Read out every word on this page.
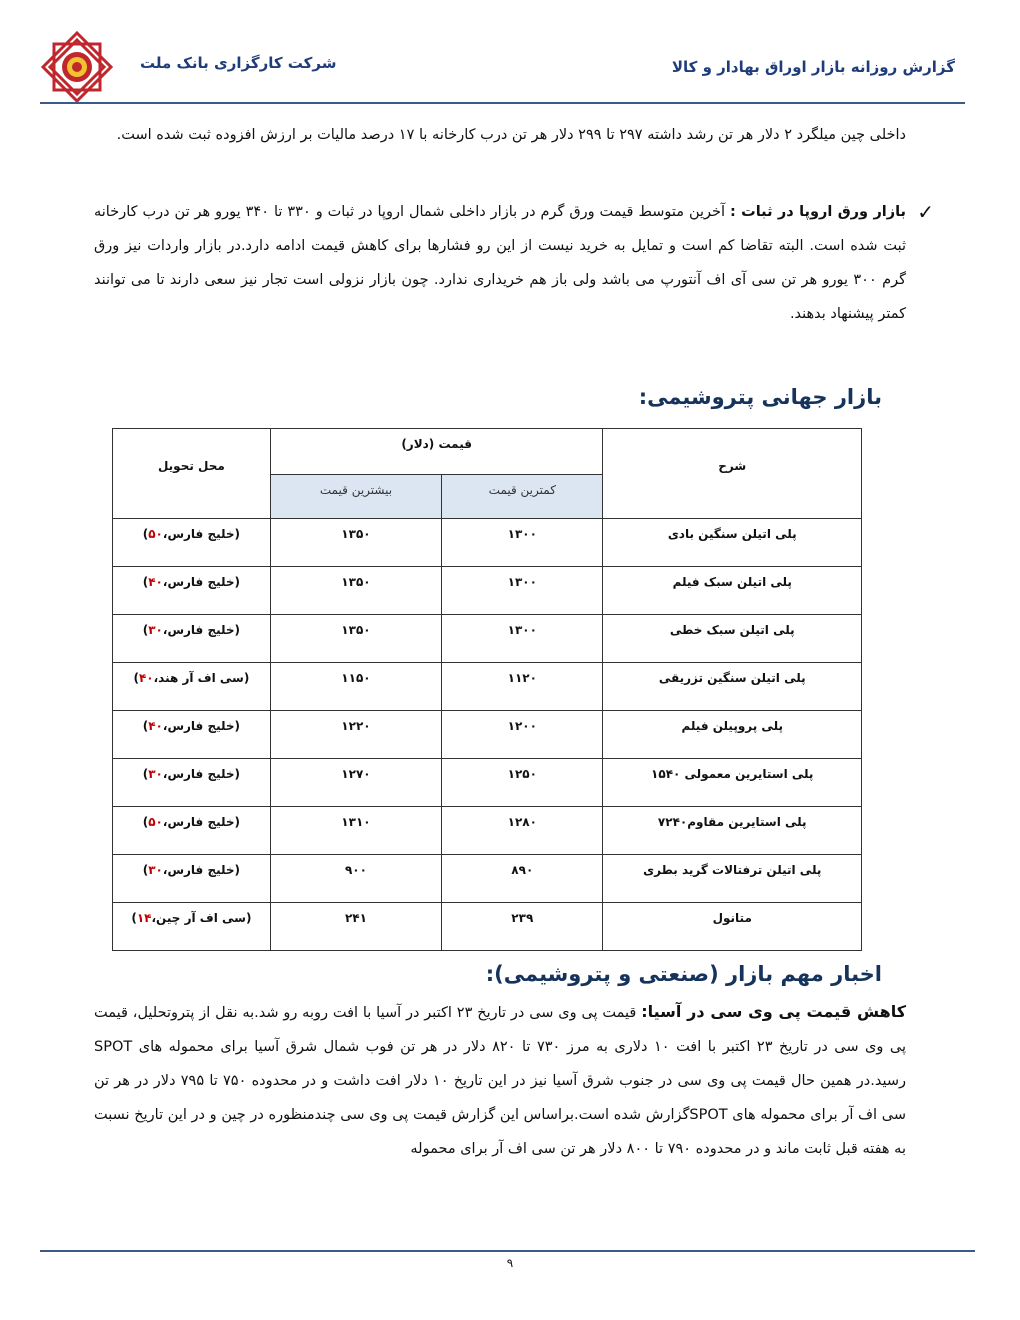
شرکت کارگزاری بانک ملت	گزارش روزانه بازار اوراق بهادار و کالا

داخلی چین میلگرد ۲ دلار هر تن رشد داشته ۲۹۷ تا ۲۹۹ دلار هر تن درب کارخانه با ۱۷ درصد مالیات بر ارزش افزوده ثبت شده است.

✓
بازار ورق اروپا در ثبات : آخرین متوسط قیمت ورق گرم در بازار داخلی شمال اروپا در ثبات و ۳۳۰ تا ۳۴۰ یورو هر تن درب کارخانه ثبت شده است. البته تقاضا کم است و تمایل به خرید نیست از این رو فشارها برای کاهش قیمت ادامه دارد.در بازار واردات نیز ورق گرم ۳۰۰ یورو هر تن سی آی اف آنتورپ می باشد ولی باز هم خریداری ندارد. چون بازار نزولی است تجار نیز سعی دارند تا می توانند کمتر پیشنهاد بدهند.
بازار جهانی پتروشیمی:
شرح	قیمت (دلار)		محل تحویل
	کمترین قیمت	بیشترین قیمت	
پلی اتیلن سنگین بادی	۱۳۰۰	۱۳۵۰	(خلیج فارس،۵۰)
پلی اتیلن سبک فیلم	۱۳۰۰	۱۳۵۰	(خلیج فارس،۴۰)
پلی اتیلن سبک خطی	۱۳۰۰	۱۳۵۰	(خلیج فارس،۳۰)
پلی اتیلن سنگین تزریقی	۱۱۲۰	۱۱۵۰	(سی اف آر هند،۴۰)
پلی پروپیلن فیلم	۱۲۰۰	۱۲۲۰	(خلیج فارس،۴۰)
پلی استایرین معمولی ۱۵۴۰	۱۲۵۰	۱۲۷۰	(خلیج فارس،۳۰)
پلی استایرین مقاوم۷۲۴۰	۱۲۸۰	۱۳۱۰	(خلیج فارس،۵۰)
پلی اتیلن ترفتالات گرید بطری	۸۹۰	۹۰۰	(خلیج فارس،۳۰)
متانول	۲۳۹	۲۴۱	(سی اف آر چین،۱۴)
اخبار مهم بازار (صنعتی و پتروشیمی):
کاهش قیمت پی وی سی در آسیا: قیمت پی وی سی در تاریخ ۲۳ اکتبر در آسیا با افت روبه رو شد.به نقل از پتروتحلیل، قیمت پی وی سی در تاریخ ۲۳ اکتبر با افت ۱۰ دلاری به مرز ۷۳۰ تا ۸۲۰ دلار در هر تن فوب شمال شرق آسیا برای محموله های SPOT رسید.در همین حال قیمت پی وی سی در جنوب شرق آسیا نیز در این تاریخ ۱۰ دلار افت داشت و در محدوده ۷۵۰ تا ۷۹۵ دلار در هر تن سی اف آر برای محموله های SPOTگزارش شده است.براساس این گزارش قیمت پی وی سی چندمنظوره در چین و در این تاریخ نسبت به هفته قبل ثابت ماند و در محدوده ۷۹۰ تا ۸۰۰ دلار هر تن سی اف آر برای محموله
۹
